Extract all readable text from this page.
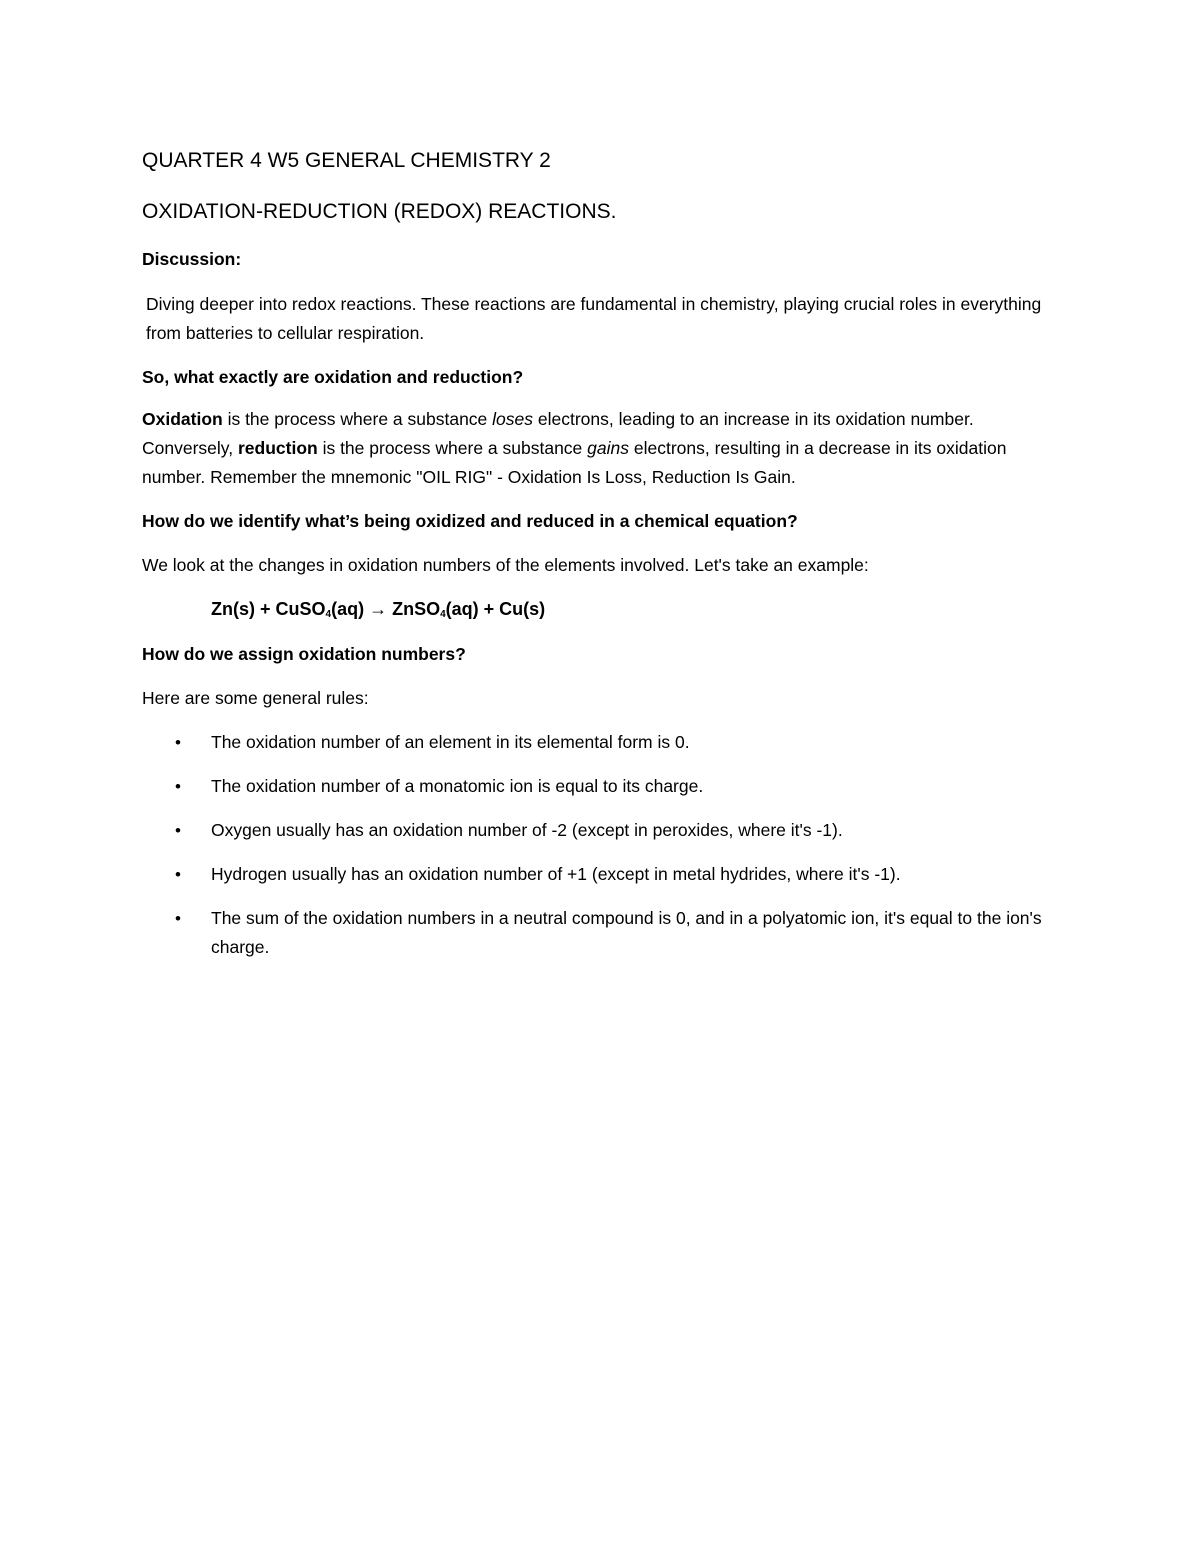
QUARTER 4 W5 GENERAL CHEMISTRY 2
OXIDATION-REDUCTION (REDOX) REACTIONS.

Discussion:

Diving deeper into redox reactions. These reactions are fundamental in chemistry, playing crucial roles in everything from batteries to cellular respiration.

So, what exactly are oxidation and reduction?

Oxidation is the process where a substance loses electrons, leading to an increase in its oxidation number. Conversely, reduction is the process where a substance gains electrons, resulting in a decrease in its oxidation number. Remember the mnemonic "OIL RIG" - Oxidation Is Loss, Reduction Is Gain.

How do we identify what’s being oxidized and reduced in a chemical equation?

We look at the changes in oxidation numbers of the elements involved. Let's take an example:

Zn(s) + CuSO$_4$(aq) → ZnSO$_4$(aq) + Cu(s)

How do we assign oxidation numbers?

Here are some general rules:

• The oxidation number of an element in its elemental form is 0.
• The oxidation number of a monatomic ion is equal to its charge.
• Oxygen usually has an oxidation number of -2 (except in peroxides, where it's -1).
• Hydrogen usually has an oxidation number of +1 (except in metal hydrides, where it's -1).
• The sum of the oxidation numbers in a neutral compound is 0, and in a polyatomic ion, it's equal to the ion's charge.
